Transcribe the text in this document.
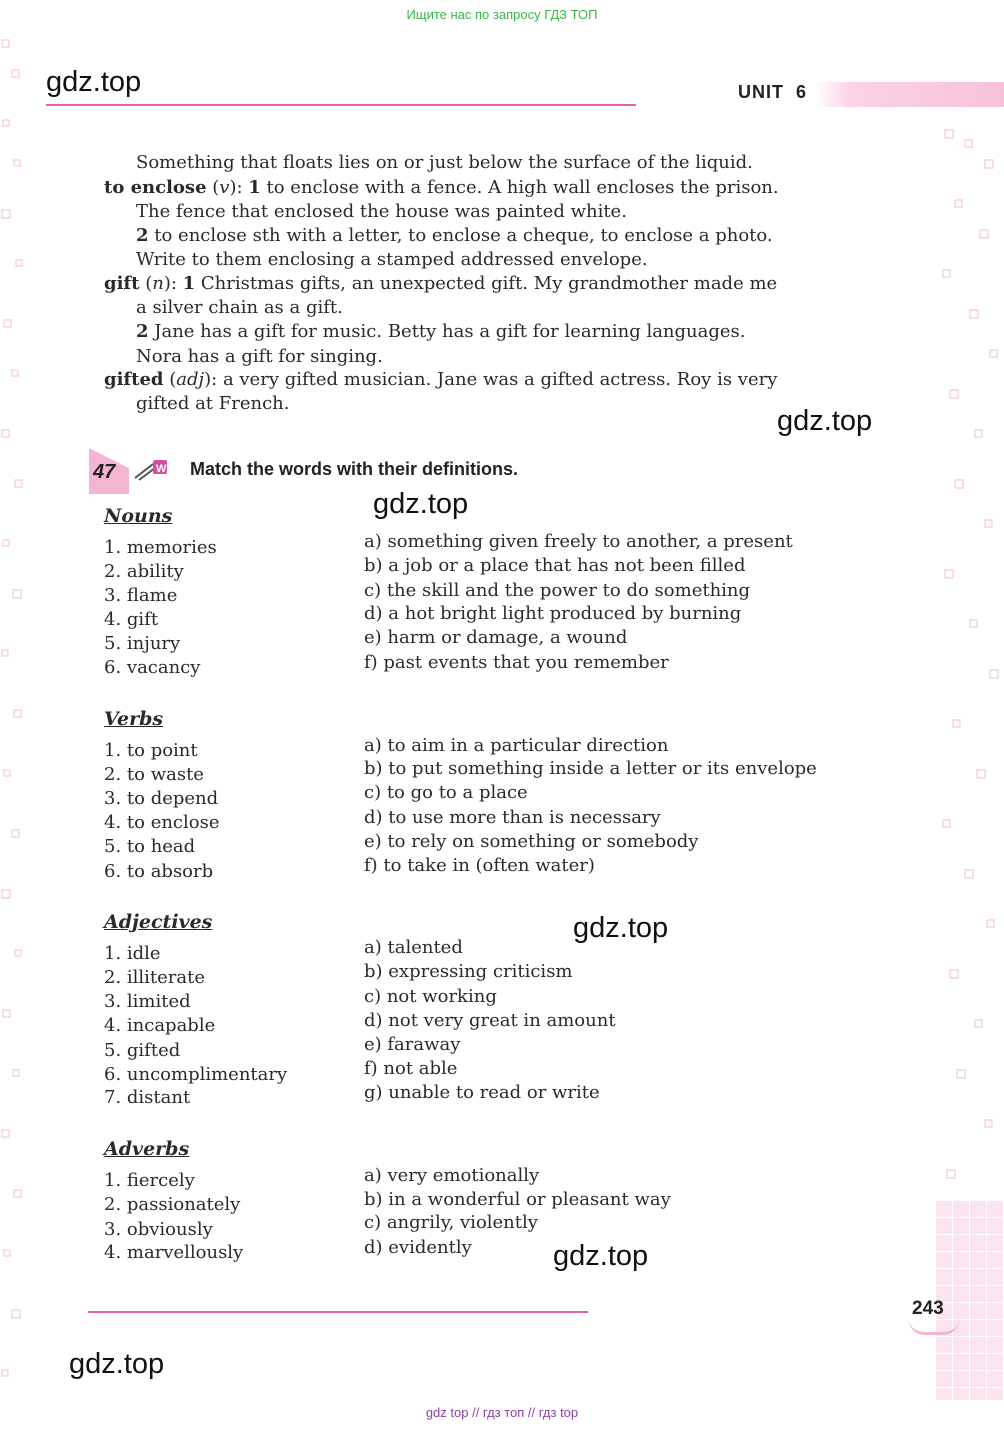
Ищите нас по запросу ГДЗ ТОП
gdz.top	UNIT 6
Something that floats lies on or just below the surface of the liquid.
to enclose (v): 1 to enclose with a fence. A high wall encloses the prison.
The fence that enclosed the house was painted white.
2 to enclose sth with a letter, to enclose a cheque, to enclose a photo.
Write to them enclosing a stamped addressed envelope.
gift (n): 1 Christmas gifts, an unexpected gift. My grandmother made me
a silver chain as a gift.
2 Jane has a gift for music. Betty has a gift for learning languages.
Nora has a gift for singing.
gifted (adj): a very gifted musician. Jane was a gifted actress. Roy is very
gifted at French.
gdz.top
47	W Match the words with their definitions.
gdz.top
Nouns
1. memories
2. ability
3. flame
4. gift
5. injury
6. vacancy
a) something given freely to another, a present
b) a job or a place that has not been filled
c) the skill and the power to do something
d) a hot bright light produced by burning
e) harm or damage, a wound
f) past events that you remember
Verbs
1. to point
2. to waste
3. to depend
4. to enclose
5. to head
6. to absorb
a) to aim in a particular direction
b) to put something inside a letter or its envelope
c) to go to a place
d) to use more than is necessary
e) to rely on something or somebody
f) to take in (often water)
Adjectives	gdz.top
1. idle
2. illiterate
3. limited
4. incapable
5. gifted
6. uncomplimentary
7. distant
a) talented
b) expressing criticism
c) not working
d) not very great in amount
e) faraway
f) not able
g) unable to read or write
Adverbs
1. fiercely
2. passionately
3. obviously
4. marvellously
a) very emotionally
b) in a wonderful or pleasant way
c) angrily, violently
d) evidently	gdz.top
243
gdz.top
gdz top // гдз топ // гдз top
